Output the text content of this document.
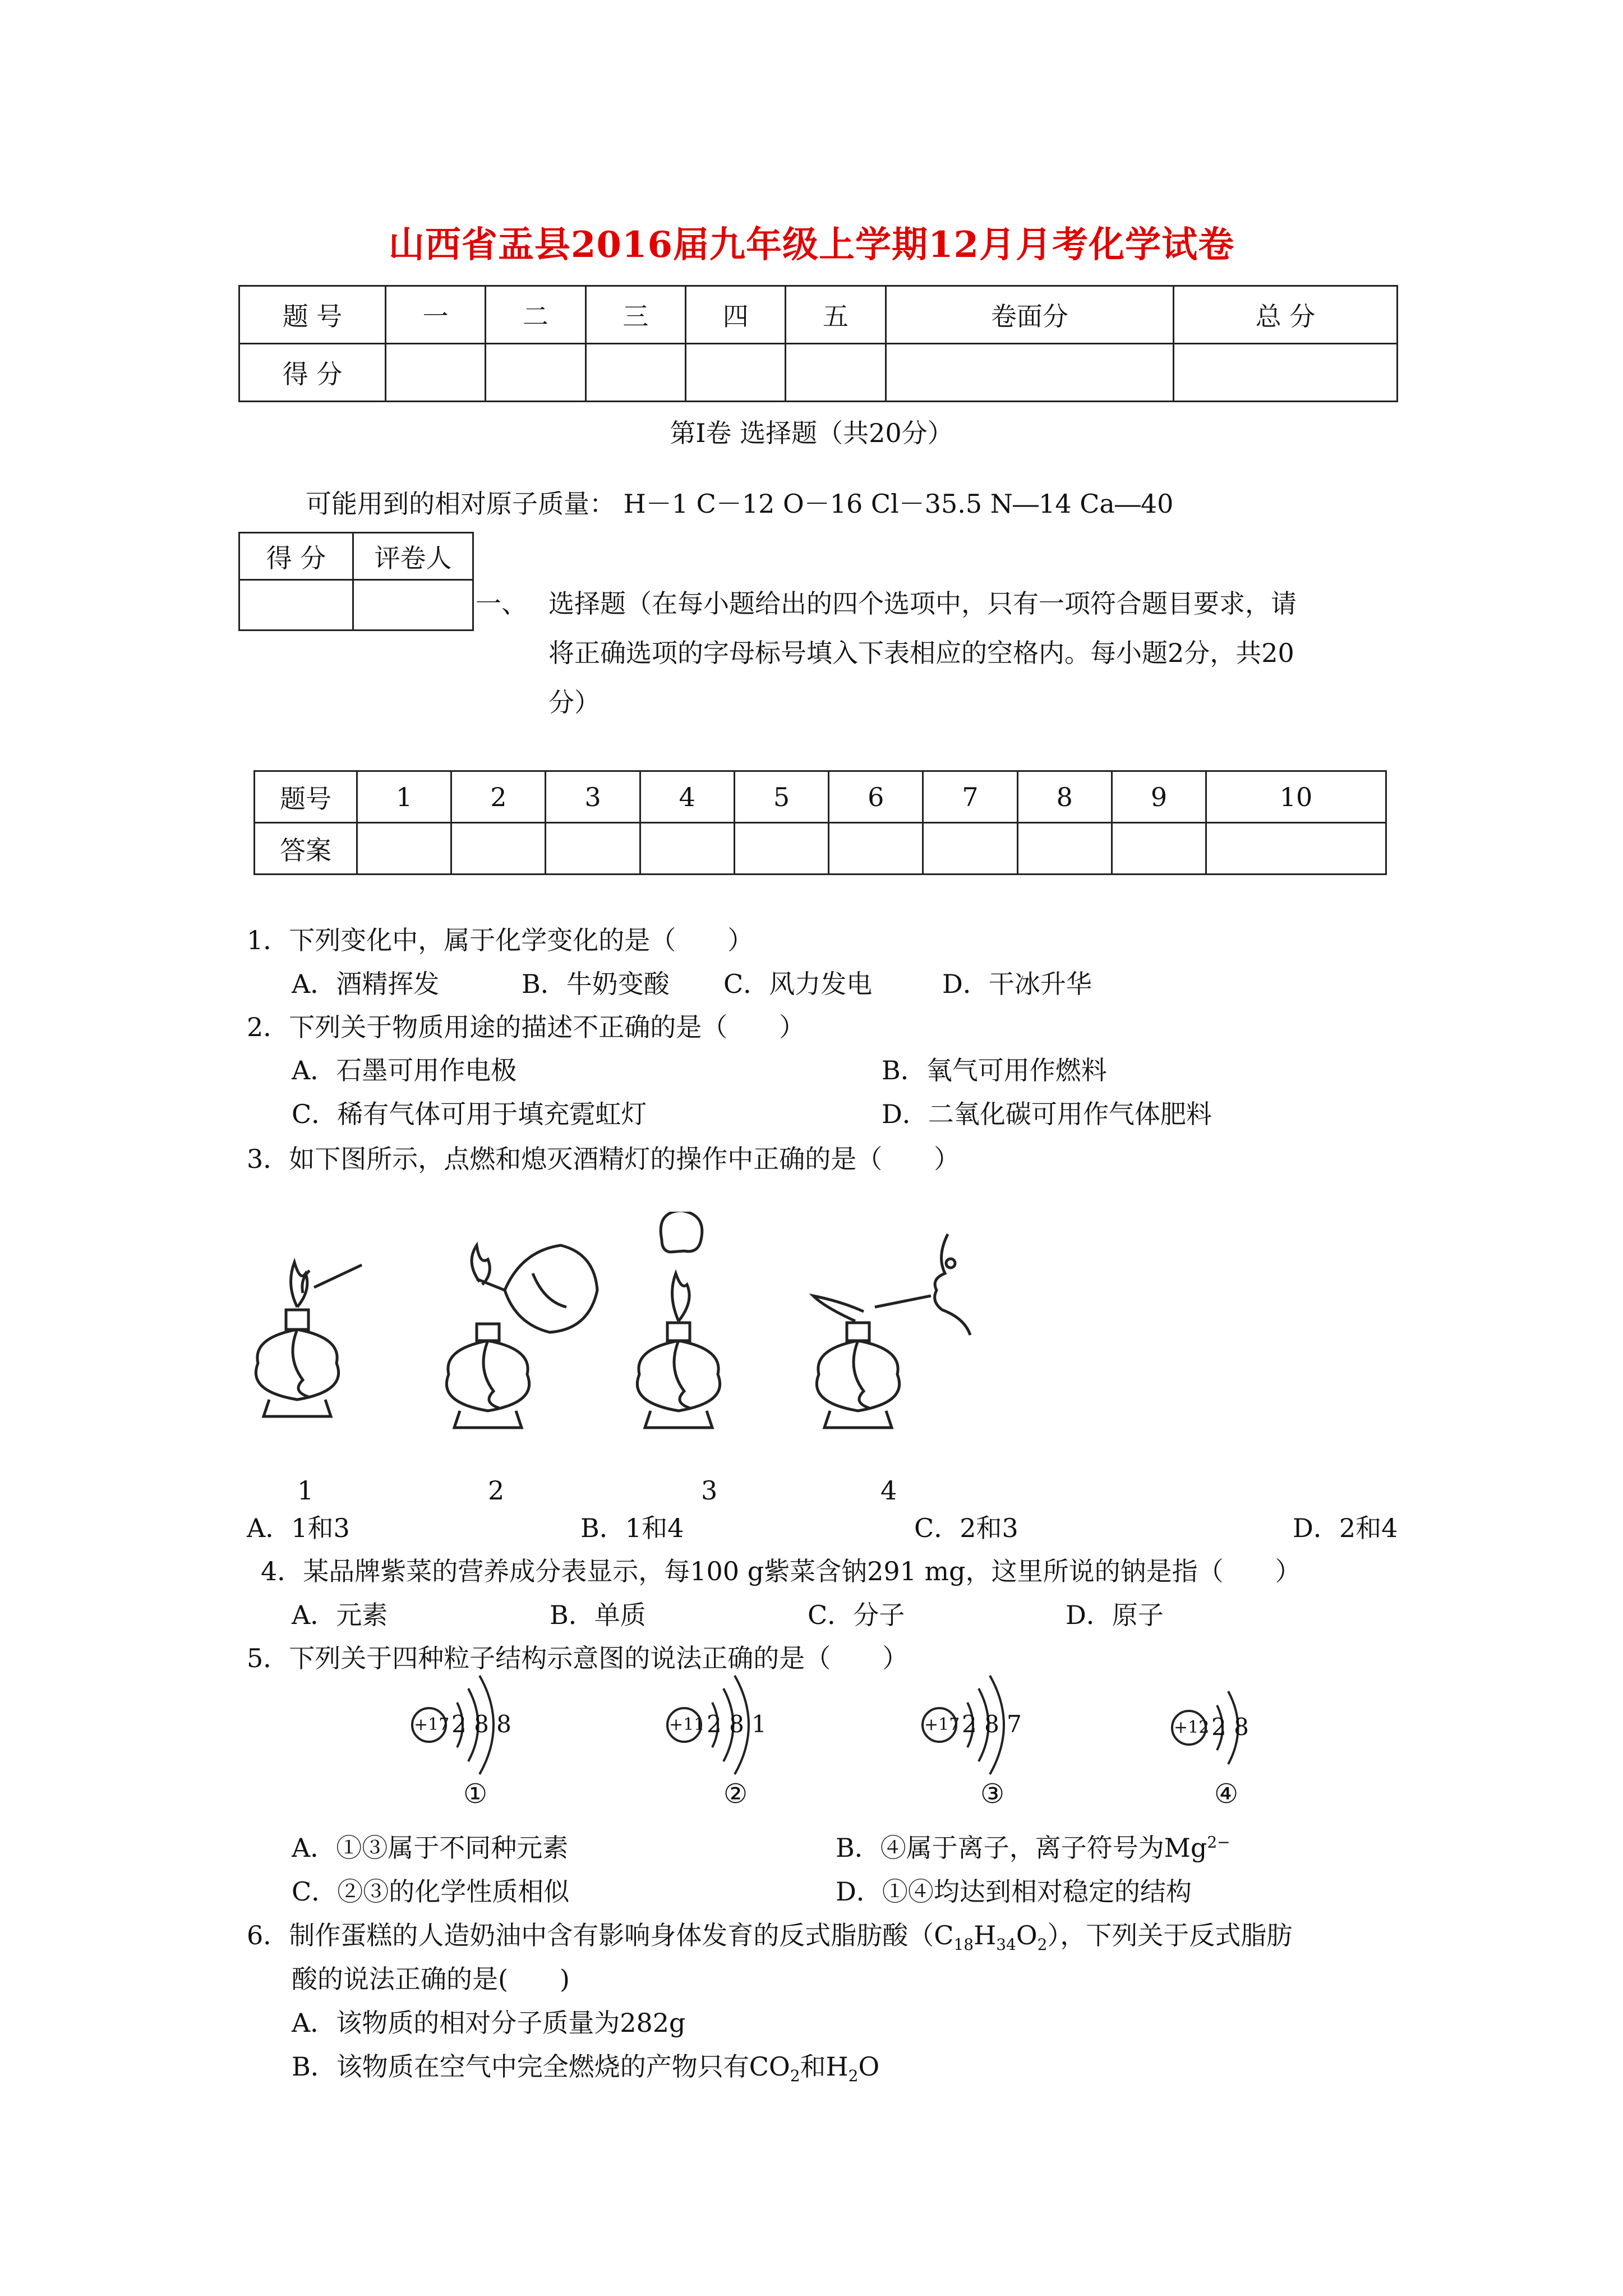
山西省盂县2016届九年级上学期12月月考化学试卷
题 号	一	二	三	四	五	卷面分	总 分
得 分							
第Ⅰ卷 选择题（共20分）
可能用到的相对原子质量： H－1 C－12 O－16 Cl－35.5 N―14 Ca―40
得 分	评卷人

一、 选择题（在每小题给出的四个选项中，只有一项符合题目要求，请
将正确选项的字母标号填入下表相应的空格内。每小题2分，共20
分）
题号	1	2	3	4	5	6	7	8	9	10
答案										
1．下列变化中，属于化学变化的是（　　）
A．酒精挥发	B．牛奶变酸 C．风力发电	D．干冰升华
2．下列关于物质用途的描述不正确的是（　　）
A．石墨可用作电极	B．氧气可用作燃料
C．稀有气体可用于填充霓虹灯	D．二氧化碳可用作气体肥料
3．如下图所示，点燃和熄灭酒精灯的操作中正确的是（　　）
1	2	3	4
A．1和3	B．1和4	C．2和3	D．2和4
4．某品牌紫菜的营养成分表显示，每100 g紫菜含钠291 mg，这里所说的钠是指（　　）
A．元素	B．单质	C．分子	D．原子
5．下列关于四种粒子结构示意图的说法正确的是（　　）
+17 2 8 8	+11 2 8 1	+17 2 8 7	+12 2 8
①	②	③	④
A．①③属于不同种元素	B．④属于离子，离子符号为$Mg^{2-}$
C．②③的化学性质相似	D．①④均达到相对稳定的结构
6．制作蛋糕的人造奶油中含有影响身体发育的反式脂肪酸$(C_{18}H_{34}O_2)$，下列关于反式脂肪
酸的说法正确的是(　　)
A．该物质的相对分子质量为282g
B．该物质在空气中完全燃烧的产物只有$CO_2$和$H_2O$
